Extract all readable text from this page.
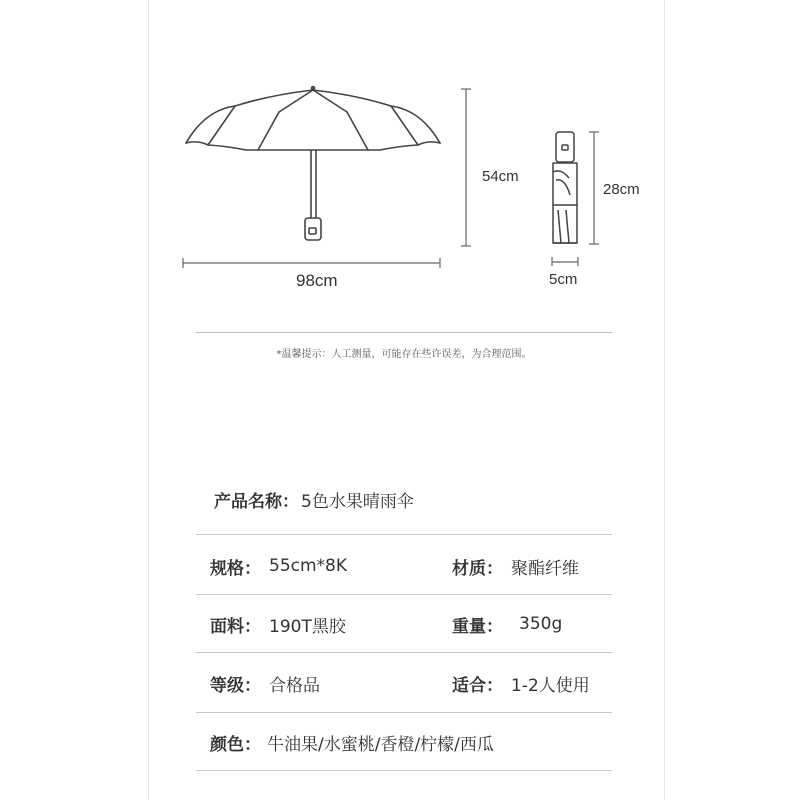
98cm
54cm
28cm
5cm
*温馨提示：人工测量，可能存在些许误差，为合理范围。
产品名称： 5色水果晴雨伞
规格： 55cm*8K	材质： 聚酯纤维
面料： 190T黑胶	重量： 350g
等级： 合格品	适合： 1-2人使用
颜色： 牛油果/水蜜桃/香橙/柠檬/西瓜
